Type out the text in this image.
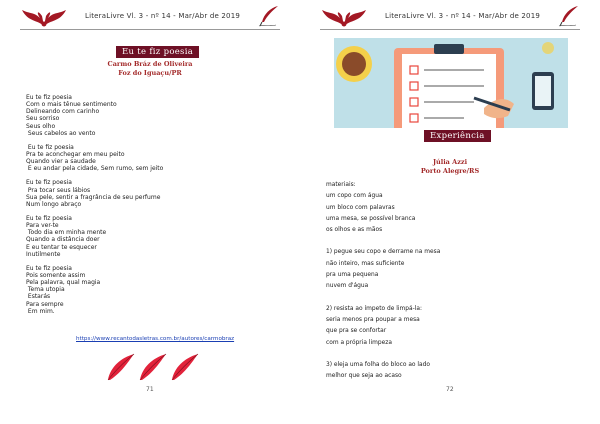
LiteraLivre Vl. 3 - nº 14 - Mar/Abr de 2019
Eu te fiz poesia
Carmo Bráz de Oliveira
Foz do Iguaçu/PR
Eu te fiz poesia
Com o mais tênue sentimento
Delineando com carinho
Seu sorriso
Seus olho
Seus cabelos ao vento
Eu te fiz poesia
Pra te aconchegar em meu peito
Quando vier a saudade
E eu andar pela cidade, Sem rumo, sem jeito
Eu te fiz poesia
Pra tocar seus lábios
Sua pele, sentir a fragrância de seu perfume
Num longo abraço
Eu te fiz poesia
Para ver-te
Todo dia em minha mente
Quando a distância doer
E eu tentar te esquecer
Inutilmente
Eu te fiz poesia
Pois somente assim
Pela palavra, qual magia
Tema utopia
Estarás
Para sempre
Em mim.
https://www.recantodasletras.com.br/autores/carmobraz
71
LiteraLivre Vl. 3 - nº 14 - Mar/Abr de 2019
Experiência
Júlia Azzi
Porto Alegre/RS
materiais:
um copo com água
um bloco com palavras
uma mesa, se possível branca
os olhos e as mãos
1) pegue seu copo e derrame na mesa
não inteiro, mas suficiente
pra uma pequena
nuvem d'água
2) resista ao ímpeto de limpá-la:
seria menos pra poupar a mesa
que pra se confortar
com a própria limpeza
3) eleja uma folha do bloco ao lado
melhor que seja ao acaso
72
